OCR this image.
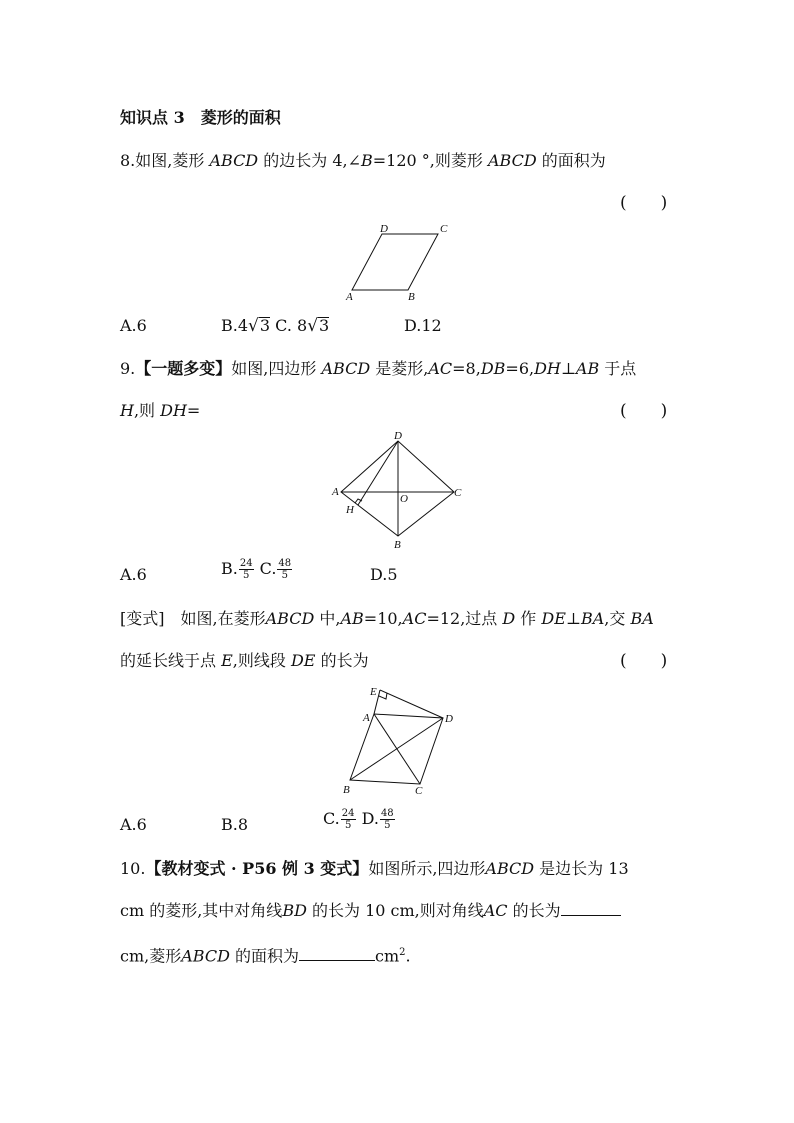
知识点 3　菱形的面积
8.如图,菱形 ABCD 的边长为 4,∠B=120 °,则菱形 ABCD 的面积为
(　　)
D	C
A	B
A.6	B.4√3 C. 8√3	D.12
9.【一题多变】如图,四边形 ABCD 是菱形,AC=8,DB=6,DH⊥AB 于点
H,则 DH=	(　　)
D
A
O	C
H
B
A.6	B. $\frac{24}{5} C$. $\frac{48}{5}$	D.5
[变式]　如图,在菱形ABCD 中,AB=10,AC=12,过点 D 作 DE⊥BA,交 BA
的延长线于点 E,则线段 DE 的长为	(　　)
E
A	D
B	C
A.6	B.8	C. $\frac{24}{5} D$. $\frac{48}{5}$
10.【教材变式 · P56 例 3 变式】如图所示,四边形ABCD 是边长为 13
cm 的菱形,其中对角线BD 的长为 10 cm,则对角线AC 的长为
cm,菱形ABCD 的面积为	$cm^2$.
